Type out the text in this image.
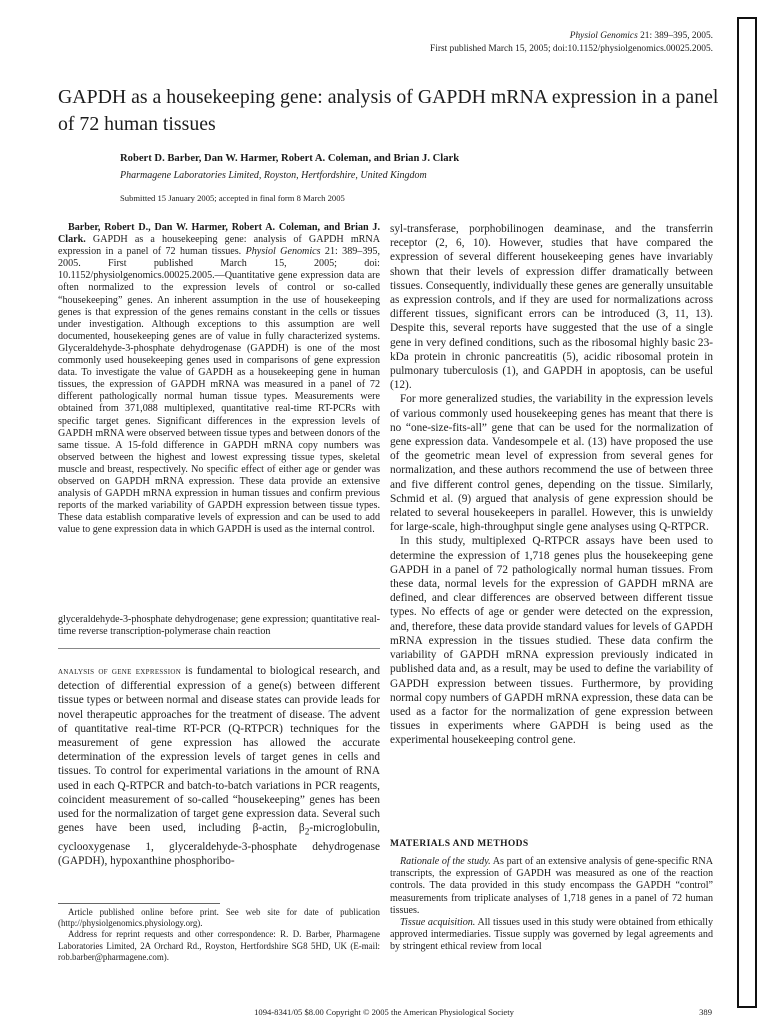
Physiol Genomics 21: 389–395, 2005.
First published March 15, 2005; doi:10.1152/physiolgenomics.00025.2005.
GAPDH as a housekeeping gene: analysis of GAPDH mRNA expression in a panel of 72 human tissues
Robert D. Barber, Dan W. Harmer, Robert A. Coleman, and Brian J. Clark
Pharmagene Laboratories Limited, Royston, Hertfordshire, United Kingdom
Submitted 15 January 2005; accepted in final form 8 March 2005
Barber, Robert D., Dan W. Harmer, Robert A. Coleman, and Brian J. Clark. GAPDH as a housekeeping gene: analysis of GAPDH mRNA expression in a panel of 72 human tissues. Physiol Genomics 21: 389–395, 2005. First published March 15, 2005; doi: 10.1152/physiolgenomics.00025.2005.—Quantitative gene expression data are often normalized to the expression levels of control or so-called “housekeeping” genes. An inherent assumption in the use of housekeeping genes is that expression of the genes remains constant in the cells or tissues under investigation. Although exceptions to this assumption are well documented, housekeeping genes are of value in fully characterized systems. Glyceraldehyde-3-phosphate dehydrogenase (GAPDH) is one of the most commonly used housekeeping genes used in comparisons of gene expression data. To investigate the value of GAPDH as a housekeeping gene in human tissues, the expression of GAPDH mRNA was measured in a panel of 72 different pathologically normal human tissue types. Measurements were obtained from 371,088 multiplexed, quantitative real-time RT-PCRs with specific target genes. Significant differences in the expression levels of GAPDH mRNA were observed between tissue types and between donors of the same tissue. A 15-fold difference in GAPDH mRNA copy numbers was observed between the highest and lowest expressing tissue types, skeletal muscle and breast, respectively. No specific effect of either age or gender was observed on GAPDH mRNA expression. These data provide an extensive analysis of GAPDH mRNA expression in human tissues and confirm previous reports of the marked variability of GAPDH expression between tissue types. These data establish comparative levels of expression and can be used to add value to gene expression data in which GAPDH is used as the internal control.
glyceraldehyde-3-phosphate dehydrogenase; gene expression; quantitative real-time reverse transcription-polymerase chain reaction
analysis of gene expression is fundamental to biological research, and detection of differential expression of a gene(s) between different tissue types or between normal and disease states can provide leads for novel therapeutic approaches for the treatment of disease. The advent of quantitative real-time RT-PCR (Q-RTPCR) techniques for the measurement of gene expression has allowed the accurate determination of the expression levels of target genes in cells and tissues. To control for experimental variations in the amount of RNA used in each Q-RTPCR and batch-to-batch variations in PCR reagents, coincident measurement of so-called “housekeeping” genes has been used for the normalization of target gene expression data. Several such genes have been used, including β-actin, $\beta_2$-microglobulin, cyclooxygenase 1, glyceraldehyde-3-phosphate dehydrogenase (GAPDH), hypoxanthine phosphoribo-

Article published online before print. See web site for date of publication (http://physiolgenomics.physiology.org).

Address for reprint requests and other correspondence: R. D. Barber, Pharmagene Laboratories Limited, 2A Orchard Rd., Royston, Hertfordshire SG8 5HD, UK (E-mail: rob.barber@pharmagene.com).

syl-transferase, porphobilinogen deaminase, and the transferrin receptor (2, 6, 10). However, studies that have compared the expression of several different housekeeping genes have invariably shown that their levels of expression differ dramatically between tissues. Consequently, individually these genes are generally unsuitable as expression controls, and if they are used for normalizations across different tissues, significant errors can be introduced (3, 11, 13). Despite this, several reports have suggested that the use of a single gene in very defined conditions, such as the ribosomal highly basic 23-kDa protein in chronic pancreatitis (5), acidic ribosomal protein in pulmonary tuberculosis (1), and GAPDH in apoptosis, can be useful (12).

For more generalized studies, the variability in the expression levels of various commonly used housekeeping genes has meant that there is no “one-size-fits-all” gene that can be used for the normalization of gene expression data. Vandesompele et al. (13) have proposed the use of the geometric mean level of expression from several genes for normalization, and these authors recommend the use of between three and five different control genes, depending on the tissue. Similarly, Schmid et al. (9) argued that analysis of gene expression should be related to several housekeepers in parallel. However, this is unwieldy for large-scale, high-throughput single gene analyses using Q-RTPCR.

In this study, multiplexed Q-RTPCR assays have been used to determine the expression of 1,718 genes plus the housekeeping gene GAPDH in a panel of 72 pathologically normal human tissues. From these data, normal levels for the expression of GAPDH mRNA are defined, and clear differences are observed between different tissue types. No effects of age or gender were detected on the expression, and, therefore, these data provide standard values for levels of GAPDH mRNA expression in the tissues studied. These data confirm the variability of GAPDH mRNA expression previously indicated in published data and, as a result, may be used to define the variability of GAPDH expression between tissues. Furthermore, by providing normal copy numbers of GAPDH mRNA expression, these data can be used as a factor for the normalization of gene expression between tissues in experiments where GAPDH is being used as the experimental housekeeping control gene.

MATERIALS AND METHODS

Rationale of the study. As part of an extensive analysis of gene-specific RNA transcripts, the expression of GAPDH was measured as one of the reaction controls. The data provided in this study encompass the GAPDH “control” measurements from triplicate analyses of 1,718 genes in a panel of 72 human tissues.

Tissue acquisition. All tissues used in this study were obtained from ethically approved intermediaries. Tissue supply was governed by legal agreements and by stringent ethical review from local

1094-8341/05 $8.00 Copyright © 2005 the American Physiological Society	389
